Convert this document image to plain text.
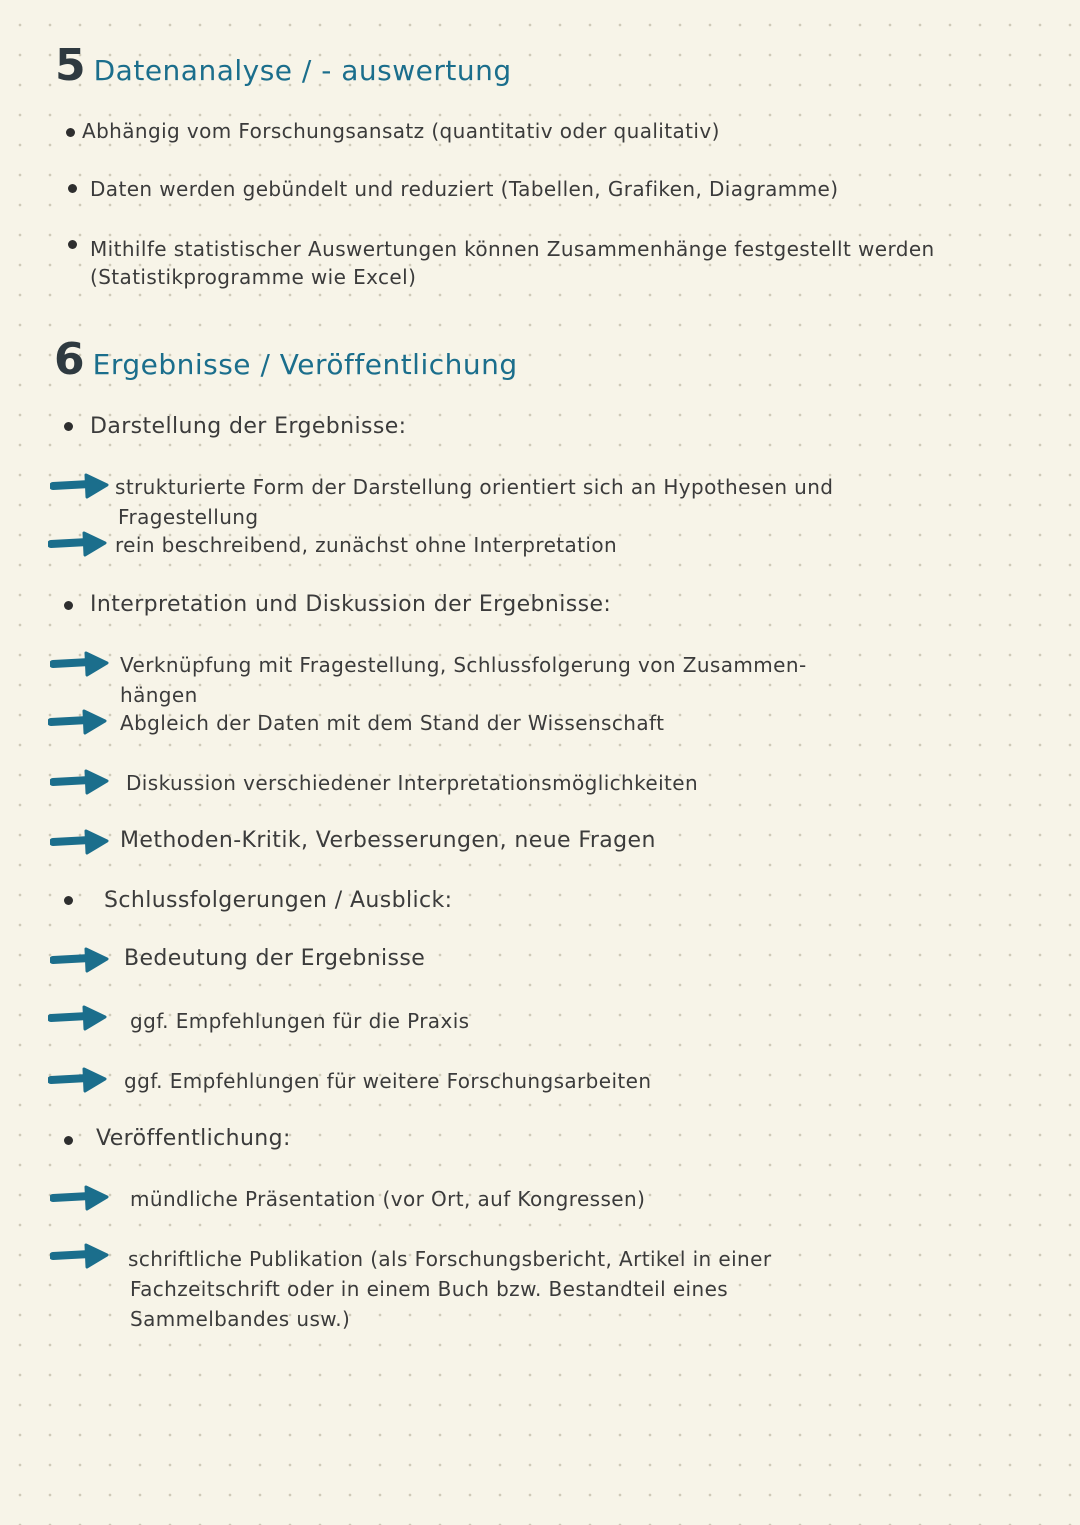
5 Datenanalyse / - auswertung
Abhängig vom Forschungsansatz (quantitativ oder qualitativ)
Daten werden gebündelt und reduziert (Tabellen, Grafiken, Diagramme)
Mithilfe statistischer Auswertungen können Zusammenhänge festgestellt werden
(Statistikprogramme wie Excel)
6 Ergebnisse / Veröffentlichung
Darstellung der Ergebnisse:
strukturierte Form der Darstellung orientiert sich an Hypothesen und
Fragestellung
rein beschreibend, zunächst ohne Interpretation
Interpretation und Diskussion der Ergebnisse:
Verknüpfung mit Fragestellung, Schlussfolgerung von Zusammen-
hängen
Abgleich der Daten mit dem Stand der Wissenschaft
Diskussion verschiedener Interpretationsmöglichkeiten
Methoden-Kritik, Verbesserungen, neue Fragen
Schlussfolgerungen / Ausblick:
Bedeutung der Ergebnisse
ggf. Empfehlungen für die Praxis
ggf. Empfehlungen für weitere Forschungsarbeiten
Veröffentlichung:
mündliche Präsentation (vor Ort, auf Kongressen)
schriftliche Publikation (als Forschungsbericht, Artikel in einer
Fachzeitschrift oder in einem Buch bzw. Bestandteil eines
Sammelbandes usw.)
